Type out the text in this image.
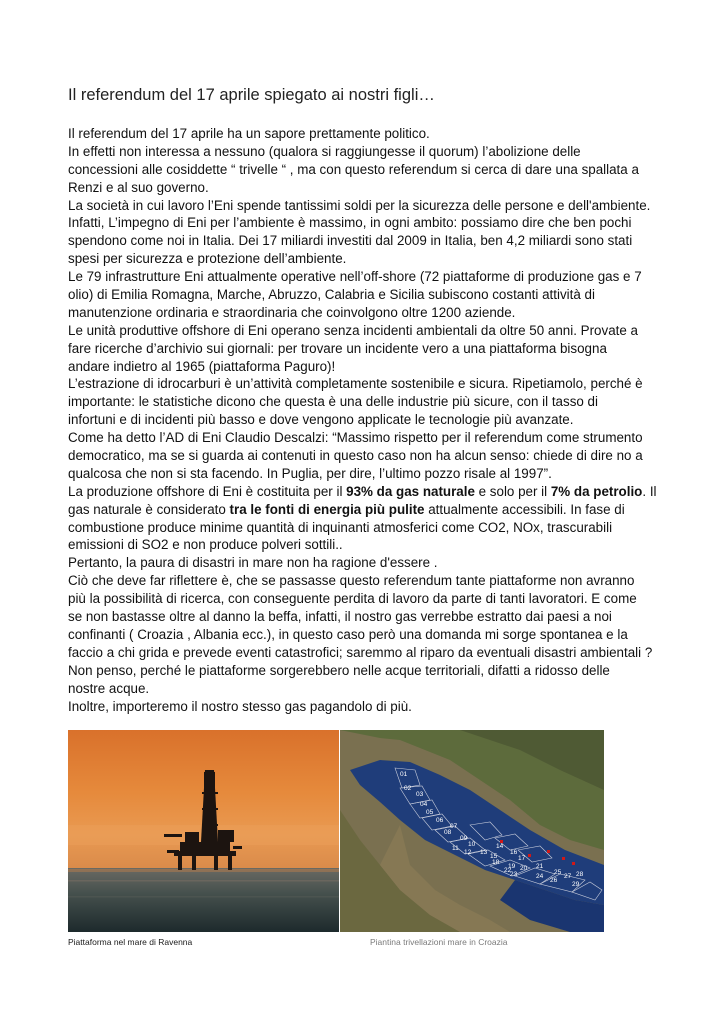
Il referendum del 17 aprile spiegato ai nostri figli…
Il referendum del 17 aprile ha un sapore prettamente politico.
In effetti non interessa a nessuno (qualora si raggiungesse il quorum) l’abolizione delle
concessioni alle cosiddette “ trivelle “ , ma con questo referendum si cerca di dare una spallata a
Renzi e al suo governo.
La società in cui lavoro l’Eni spende tantissimi soldi per la sicurezza delle persone e dell'ambiente.
Infatti, L’impegno di Eni per l’ambiente è massimo, in ogni ambito: possiamo dire che ben pochi
spendono come noi in Italia. Dei 17 miliardi investiti dal 2009 in Italia, ben 4,2 miliardi sono stati
spesi per sicurezza e protezione dell’ambiente.
Le 79 infrastrutture Eni attualmente operative nell’off-shore (72 piattaforme di produzione gas e 7
olio) di Emilia Romagna, Marche, Abruzzo, Calabria e Sicilia subiscono costanti attività di
manutenzione ordinaria e straordinaria che coinvolgono oltre 1200 aziende.
Le unità produttive offshore di Eni operano senza incidenti ambientali da oltre 50 anni. Provate a
fare ricerche d’archivio sui giornali: per trovare un incidente vero a una piattaforma bisogna
andare indietro al 1965 (piattaforma Paguro)!
L’estrazione di idrocarburi è un’attività completamente sostenibile e sicura. Ripetiamolo, perché è
importante: le statistiche dicono che questa è una delle industrie più sicure, con il tasso di
infortuni e di incidenti più basso e dove vengono applicate le tecnologie più avanzate.
Come ha detto l’AD di Eni Claudio Descalzi: “Massimo rispetto per il referendum come strumento
democratico, ma se si guarda ai contenuti in questo caso non ha alcun senso: chiede di dire no a
qualcosa che non si sta facendo. In Puglia, per dire, l’ultimo pozzo risale al 1997”.
La produzione offshore di Eni è costituita per il 93% da gas naturale e solo per il 7% da petrolio. Il
gas naturale è considerato tra le fonti di energia più pulite attualmente accessibili. In fase di
combustione produce minime quantità di inquinanti atmosferici come CO2, NOx, trascurabili
emissioni di SO2 e non produce polveri sottili..
Pertanto, la paura di disastri in mare non ha ragione d'essere .
Ciò che deve far riflettere è, che se passasse questo referendum tante piattaforme non avranno
più la possibilità di ricerca, con conseguente perdita di lavoro da parte di tanti lavoratori. E come
se non bastasse oltre al danno la beffa, infatti, il nostro gas verrebbe estratto dai paesi a noi
confinanti ( Croazia , Albania ecc.), in questo caso però una domanda mi sorge spontanea e la
faccio a chi grida e prevede eventi catastrofici; saremmo al riparo da eventuali disastri ambientali ?
Non penso, perché le piattaforme sorgerebbero nelle acque territoriali, difatti a ridosso delle
nostre acque.
Inoltre, importeremo il nostro stesso gas pagandolo di più.
01
02
03
04
05
06
07
08
09
10
11
12 13
14
15
16
17
18
19 20 21
22
23	24
25
26
27 28
29
Piattaforma nel mare di Ravenna	Piantina trivellazioni mare in Croazia
